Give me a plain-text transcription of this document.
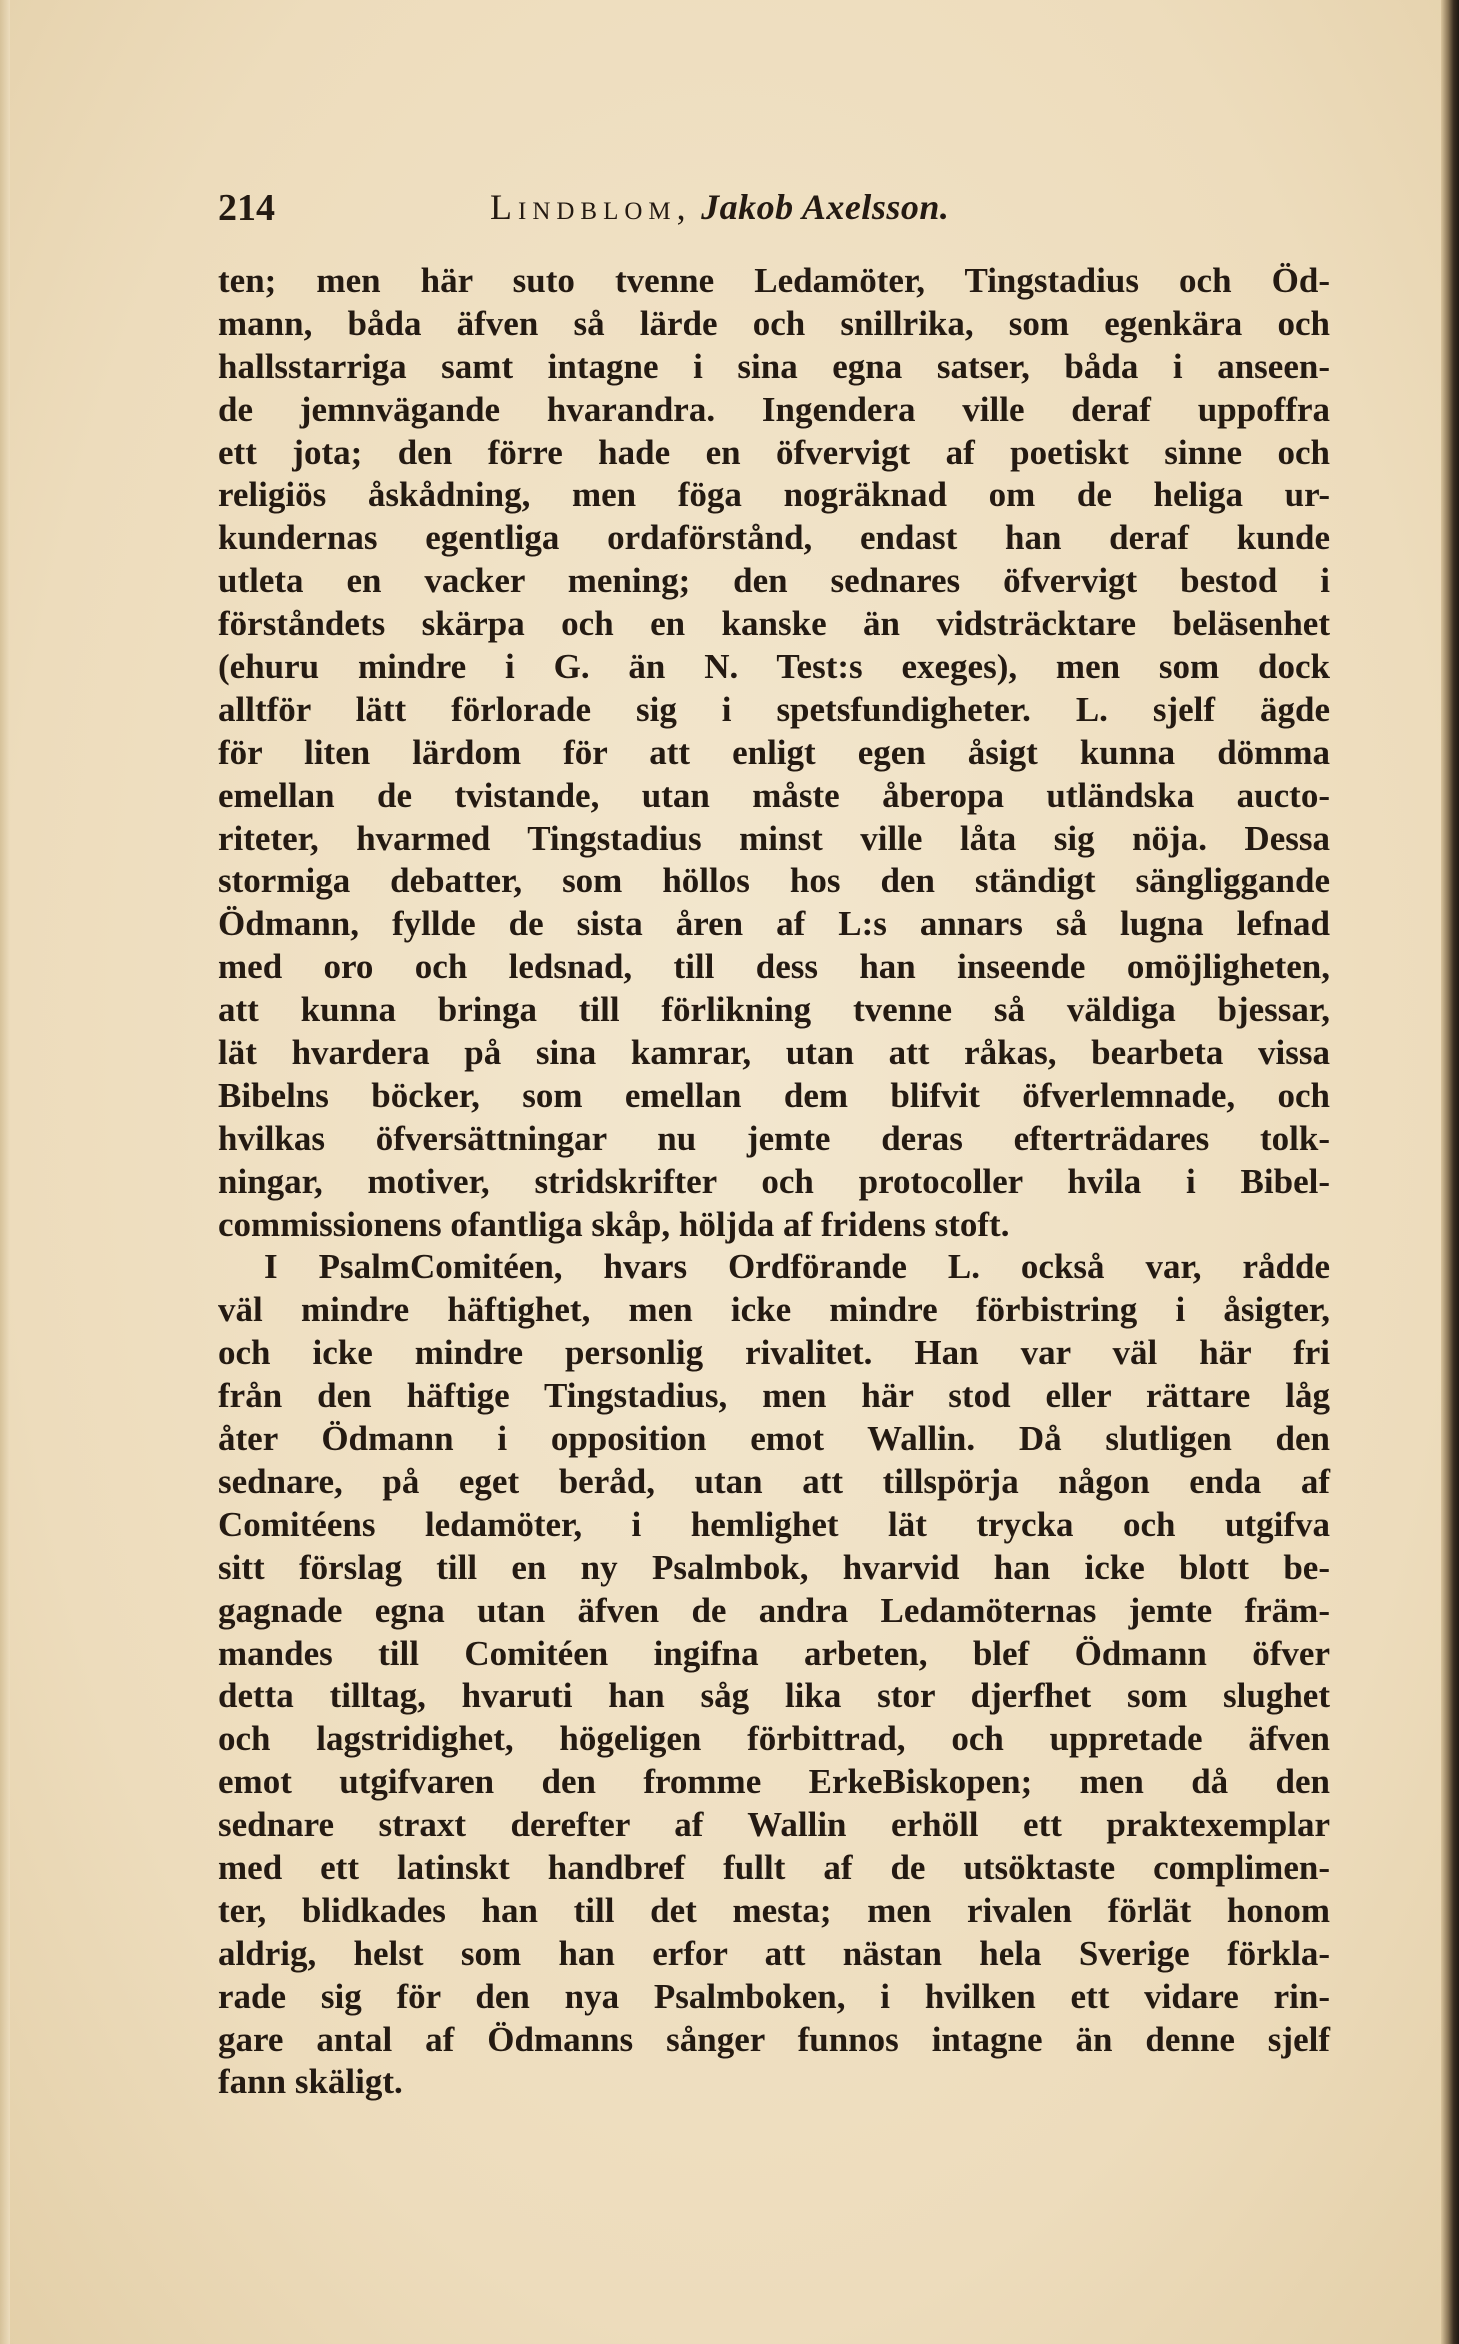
214	Lindblom, Jakob Axelsson.
ten; men här suto tvenne Ledamöter, Tingstadius och Öd-
mann, båda äfven så lärde och snillrika, som egenkära och
hallsstarriga samt intagne i sina egna satser, båda i anseen-
de jemnvägande hvarandra. Ingendera ville deraf uppoffra
ett jota; den förre hade en öfvervigt af poetiskt sinne och
religiös åskådning, men föga nogräknad om de heliga ur-
kundernas egentliga ordaförstånd, endast han deraf kunde
utleta en vacker mening; den sednares öfvervigt bestod i
förståndets skärpa och en kanske än vidsträcktare beläsenhet
(ehuru mindre i G. än N. Test:s exeges), men som dock
alltför lätt förlorade sig i spetsfundigheter. L. sjelf ägde
för liten lärdom för att enligt egen åsigt kunna dömma
emellan de tvistande, utan måste åberopa utländska aucto-
riteter, hvarmed Tingstadius minst ville låta sig nöja. Dessa
stormiga debatter, som höllos hos den ständigt sängliggande
Ödmann, fyllde de sista åren af L:s annars så lugna lefnad
med oro och ledsnad, till dess han inseende omöjligheten,
att kunna bringa till förlikning tvenne så väldiga bjessar,
lät hvardera på sina kamrar, utan att råkas, bearbeta vissa
Bibelns böcker, som emellan dem blifvit öfverlemnade, och
hvilkas öfversättningar nu jemte deras efterträdares tolk-
ningar, motiver, stridskrifter och protocoller hvila i Bibel-
commissionens ofantliga skåp, höljda af fridens stoft.
I PsalmComitéen, hvars Ordförande L. också var, rådde
väl mindre häftighet, men icke mindre förbistring i åsigter,
och icke mindre personlig rivalitet. Han var väl här fri
från den häftige Tingstadius, men här stod eller rättare låg
åter Ödmann i opposition emot Wallin. Då slutligen den
sednare, på eget beråd, utan att tillspörja någon enda af
Comitéens ledamöter, i hemlighet lät trycka och utgifva
sitt förslag till en ny Psalmbok, hvarvid han icke blott be-
gagnade egna utan äfven de andra Ledamöternas jemte främ-
mandes till Comitéen ingifna arbeten, blef Ödmann öfver
detta tilltag, hvaruti han såg lika stor djerfhet som slughet
och lagstridighet, högeligen förbittrad, och uppretade äfven
emot utgifvaren den fromme ErkeBiskopen; men då den
sednare straxt derefter af Wallin erhöll ett praktexemplar
med ett latinskt handbref fullt af de utsöktaste complimen-
ter, blidkades han till det mesta; men rivalen förlät honom
aldrig, helst som han erfor att nästan hela Sverige förkla-
rade sig för den nya Psalmboken, i hvilken ett vidare rin-
gare antal af Ödmanns sånger funnos intagne än denne sjelf
fann skäligt.
